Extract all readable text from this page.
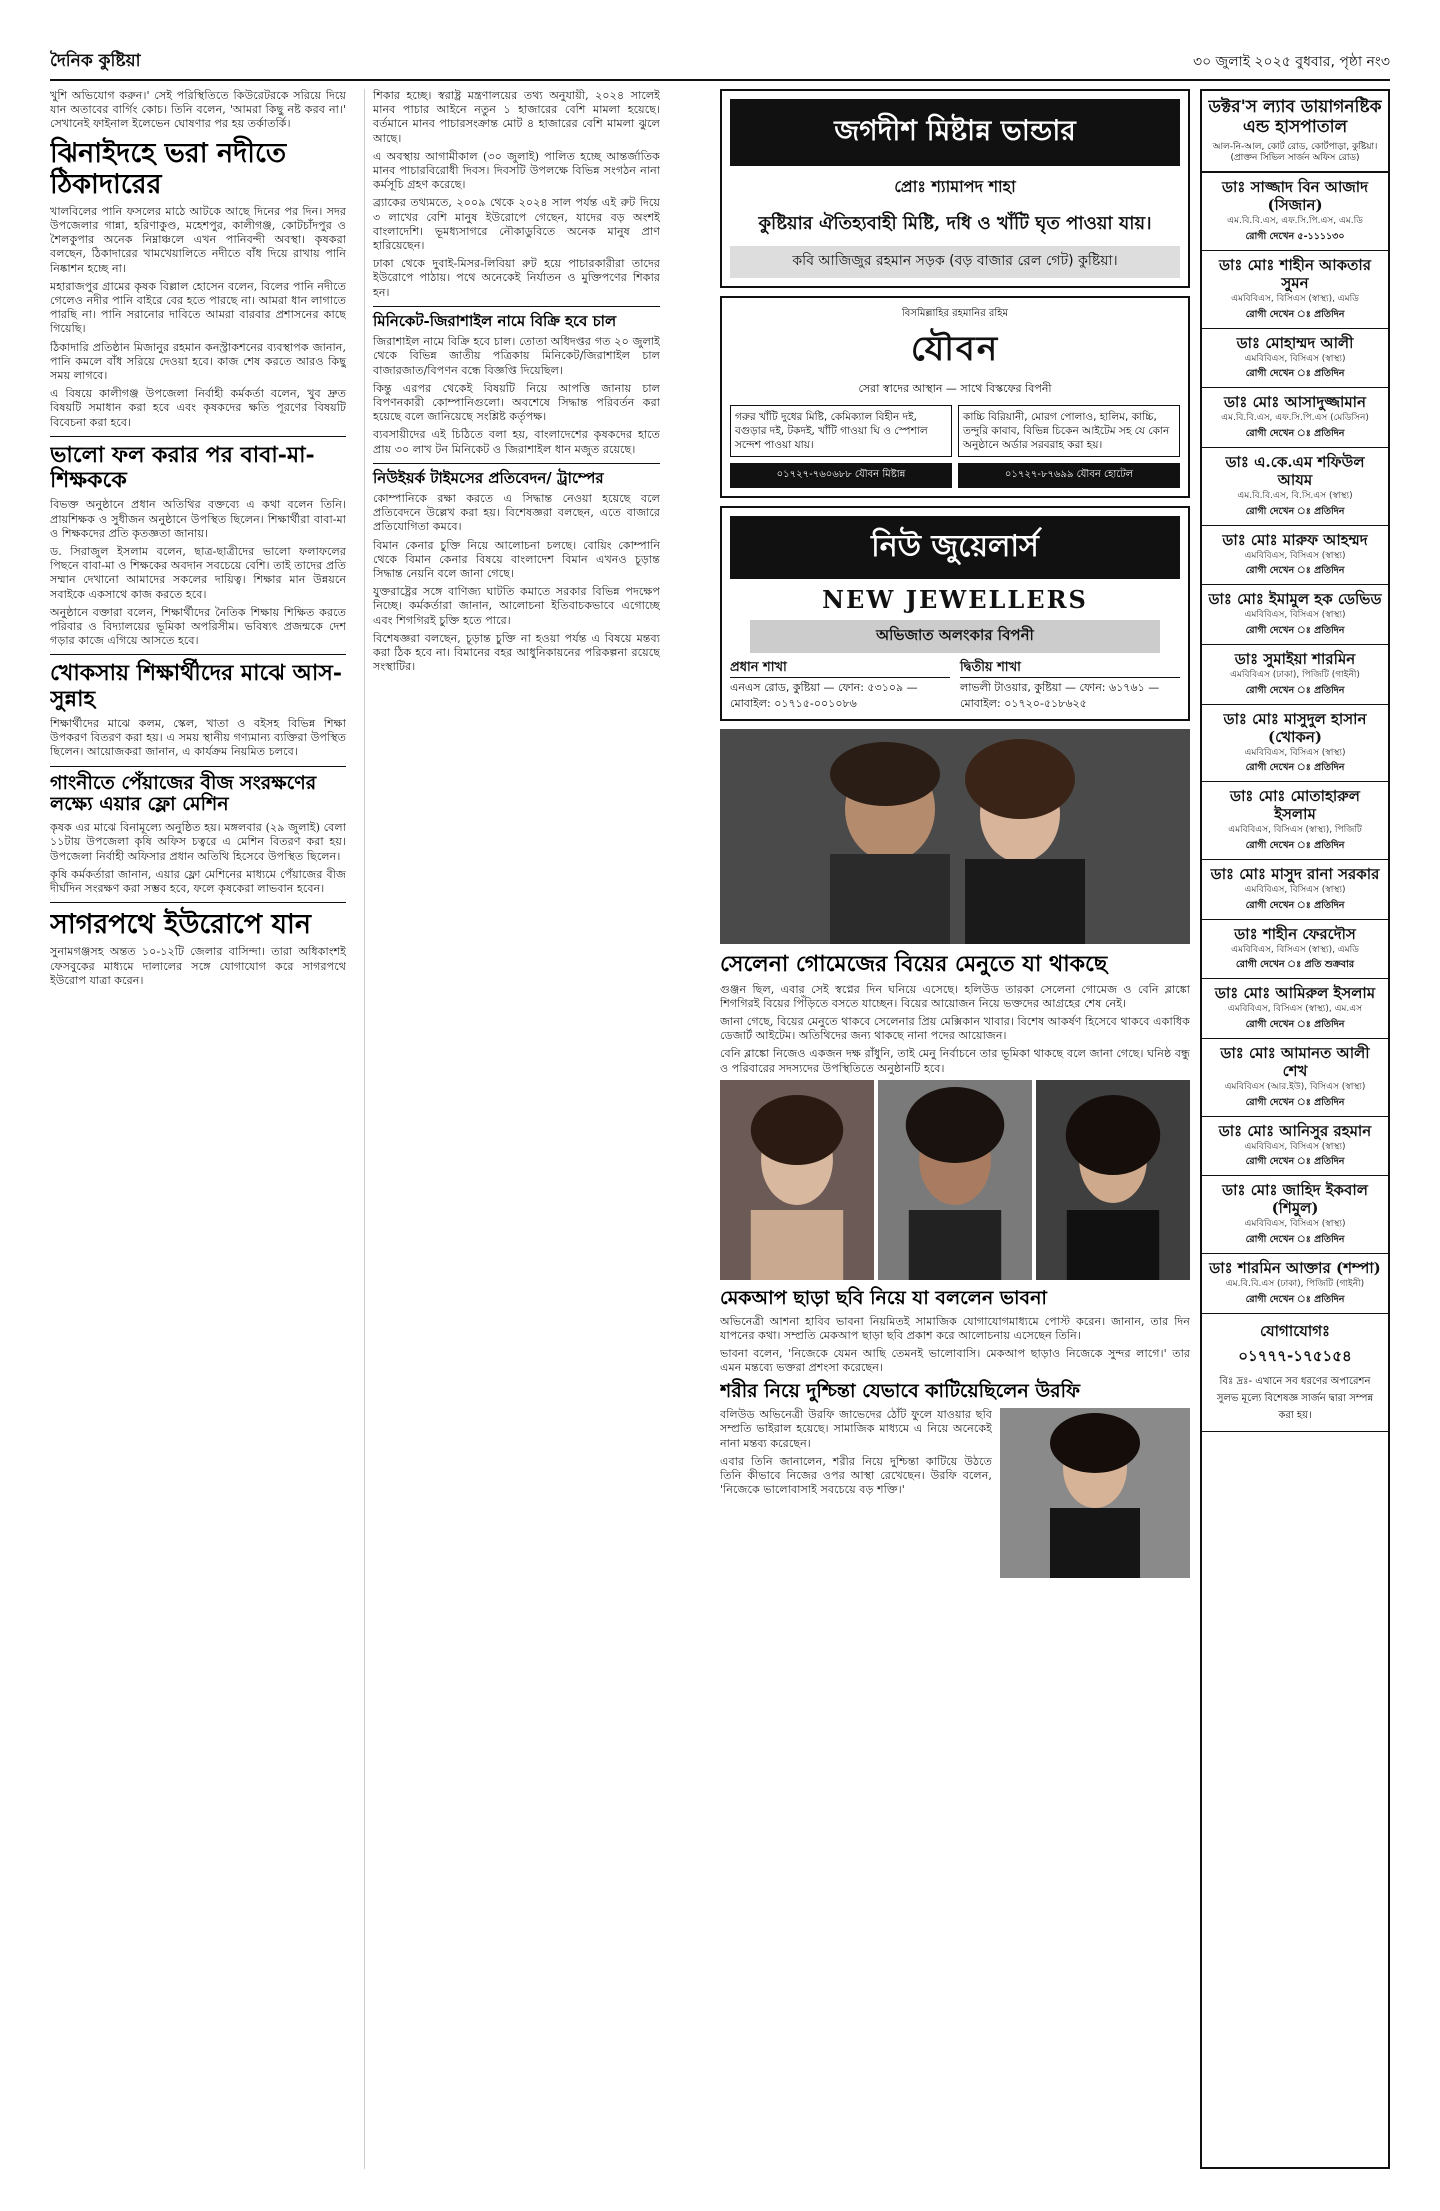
দৈনিক কুষ্টিয়া	৩০ জুলাই ২০২৫ বুধবার, পৃষ্ঠা নং৩

খুশি অভিযোগ করুন।' সেই পরিস্থিতিতে কিউরেটরকে সরিয়ে দিয়ে যান অতাবের বার্গিং কোচ। তিনি বলেন, 'আমরা কিছু নষ্ট করব না।' সেখানেই ফাইনাল ইলেভেন ঘোষণার পর হয় তর্কাতর্কি।

ঝিনাইদহে ভরা নদীতে ঠিকাদারের

খালবিলের পানি ফসলের মাঠে আটকে আছে দিনের পর দিন। সদর উপজেলার গান্না, হরিণাকুণ্ড, মহেশপুর, কালীগঞ্জ, কোটচাঁদপুর ও শৈলকুপার অনেক নিম্নাঞ্চলে এখন পানিবন্দী অবস্থা। কৃষকরা বলছেন, ঠিকাদারের খামখেয়ালিতে নদীতে বাঁধ দিয়ে রাখায় পানি নিষ্কাশন হচ্ছে না।

মহারাজপুর গ্রামের কৃষক বিল্লাল হোসেন বলেন, বিলের পানি নদীতে গেলেও নদীর পানি বাইরে বের হতে পারছে না। আমরা ধান লাগাতে পারছি না। পানি সরানোর দাবিতে আমরা বারবার প্রশাসনের কাছে গিয়েছি।

ঠিকাদারি প্রতিষ্ঠান মিজানুর রহমান কনস্ট্রাকশনের ব্যবস্থাপক জানান, পানি কমলে বাঁধ সরিয়ে দেওয়া হবে। কাজ শেষ করতে আরও কিছু সময় লাগবে।

এ বিষয়ে কালীগঞ্জ উপজেলা নির্বাহী কর্মকর্তা বলেন, খুব দ্রুত বিষয়টি সমাধান করা হবে এবং কৃষকদের ক্ষতি পূরণের বিষয়টি বিবেচনা করা হবে।

ভালো ফল করার পর বাবা-মা-শিক্ষককে

বিভক্ত অনুষ্ঠানে প্রধান অতিথির বক্তব্যে এ কথা বলেন তিনি। প্রায়শিক্ষক ও সুধীজন অনুষ্ঠানে উপস্থিত ছিলেন। শিক্ষার্থীরা বাবা-মা ও শিক্ষকদের প্রতি কৃতজ্ঞতা জানায়।

ড. সিরাজুল ইসলাম বলেন, ছাত্র-ছাত্রীদের ভালো ফলাফলের পিছনে বাবা-মা ও শিক্ষকের অবদান সবচেয়ে বেশি। তাই তাদের প্রতি সম্মান দেখানো আমাদের সকলের দায়িত্ব। শিক্ষার মান উন্নয়নে সবাইকে একসাথে কাজ করতে হবে।

অনুষ্ঠানে বক্তারা বলেন, শিক্ষার্থীদের নৈতিক শিক্ষায় শিক্ষিত করতে পরিবার ও বিদ্যালয়ের ভূমিকা অপরিসীম। ভবিষ্যৎ প্রজন্মকে দেশ গড়ার কাজে এগিয়ে আসতে হবে।

খোকসায় শিক্ষার্থীদের মাঝে আস-সুন্নাহ

শিক্ষার্থীদের মাঝে কলম, স্কেল, খাতা ও বইসহ বিভিন্ন শিক্ষা উপকরণ বিতরণ করা হয়। এ সময় স্থানীয় গণ্যমান্য ব্যক্তিরা উপস্থিত ছিলেন। আয়োজকরা জানান, এ কার্যক্রম নিয়মিত চলবে।

গাংনীতে পেঁয়াজের বীজ সংরক্ষণের লক্ষ্যে এয়ার ফ্লো মেশিন

কৃষক এর মাঝে বিনামূল্যে অনুষ্ঠিত হয়। মঙ্গলবার (২৯ জুলাই) বেলা ১১টায় উপজেলা কৃষি অফিস চত্বরে এ মেশিন বিতরণ করা হয়। উপজেলা নির্বাহী অফিসার প্রধান অতিথি হিসেবে উপস্থিত ছিলেন।

কৃষি কর্মকর্তারা জানান, এয়ার ফ্লো মেশিনের মাধ্যমে পেঁয়াজের বীজ দীর্ঘদিন সংরক্ষণ করা সম্ভব হবে, ফলে কৃষকেরা লাভবান হবেন।

সাগরপথে ইউরোপে যান

সুনামগঞ্জসহ অন্তত ১০-১২টি জেলার বাসিন্দা। তারা অধিকাংশই ফেসবুকের মাধ্যমে দালালের সঙ্গে যোগাযোগ করে সাগরপথে ইউরোপ যাত্রা করেন।

শিকার হচ্ছে। স্বরাষ্ট্র মন্ত্রণালয়ের তথ্য অনুযায়ী, ২০২৪ সালেই মানব পাচার আইনে নতুন ১ হাজারের বেশি মামলা হয়েছে। বর্তমানে মানব পাচারসংক্রান্ত মোট ৪ হাজারের বেশি মামলা ঝুলে আছে।

এ অবস্থায় আগামীকাল (৩০ জুলাই) পালিত হচ্ছে আন্তর্জাতিক মানব পাচারবিরোধী দিবস। দিবসটি উপলক্ষে বিভিন্ন সংগঠন নানা কর্মসূচি গ্রহণ করেছে।

ব্র্যাকের তথ্যমতে, ২০০৯ থেকে ২০২৪ সাল পর্যন্ত এই রুট দিয়ে ৩ লাখের বেশি মানুষ ইউরোপে গেছেন, যাদের বড় অংশই বাংলাদেশি। ভূমধ্যসাগরে নৌকাডুবিতে অনেক মানুষ প্রাণ হারিয়েছেন।

ঢাকা থেকে দুবাই-মিসর-লিবিয়া রুট হয়ে পাচারকারীরা তাদের ইউরোপে পাঠায়। পথে অনেকেই নির্যাতন ও মুক্তিপণের শিকার হন।

মিনিকেট-জিরাশাইল নামে বিক্রি হবে চাল

জিরাশাইল নামে বিক্রি হবে চাল। তোতা অধিদপ্তর গত ২০ জুলাই থেকে বিভিন্ন জাতীয় পত্রিকায় মিনিকেট/জিরাশাইল চাল বাজারজাত/বিপণন বন্ধে বিজ্ঞপ্তি দিয়েছিল।

কিন্তু এরপর থেকেই বিষয়টি নিয়ে আপত্তি জানায় চাল বিপণনকারী কোম্পানিগুলো। অবশেষে সিদ্ধান্ত পরিবর্তন করা হয়েছে বলে জানিয়েছে সংশ্লিষ্ট কর্তৃপক্ষ।

ব্যবসায়ীদের এই চিঠিতে বলা হয়, বাংলাদেশের কৃষকদের হাতে প্রায় ৩০ লাখ টন মিনিকেট ও জিরাশাইল ধান মজুত রয়েছে।

নিউইয়র্ক টাইমসের প্রতিবেদন/ ট্রাম্পের

কোম্পানিকে রক্ষা করতে এ সিদ্ধান্ত নেওয়া হয়েছে বলে প্রতিবেদনে উল্লেখ করা হয়। বিশেষজ্ঞরা বলছেন, এতে বাজারে প্রতিযোগিতা কমবে।

বিমান কেনার চুক্তি নিয়ে আলোচনা চলছে। বোয়িং কোম্পানি থেকে বিমান কেনার বিষয়ে বাংলাদেশ বিমান এখনও চূড়ান্ত সিদ্ধান্ত নেয়নি বলে জানা গেছে।

যুক্তরাষ্ট্রের সঙ্গে বাণিজ্য ঘাটতি কমাতে সরকার বিভিন্ন পদক্ষেপ নিচ্ছে। কর্মকর্তারা জানান, আলোচনা ইতিবাচকভাবে এগোচ্ছে এবং শিগগিরই চুক্তি হতে পারে।

বিশেষজ্ঞরা বলছেন, চূড়ান্ত চুক্তি না হওয়া পর্যন্ত এ বিষয়ে মন্তব্য করা ঠিক হবে না। বিমানের বহর আধুনিকায়নের পরিকল্পনা রয়েছে সংস্থাটির।

জগদীশ মিষ্টান্ন ভান্ডার
প্রোঃ শ্যামাপদ শাহা
কুষ্টিয়ার ঐতিহ্যবাহী মিষ্টি, দধি ও খাঁটি ঘৃত পাওয়া যায়।
কবি আজিজুর রহমান সড়ক (বড় বাজার রেল গেট) কুষ্টিয়া।
বিসমিল্লাহির রহমানির রহিম
যৌবন
সেরা স্বাদের আস্থান — সাথে বিস্কফের বিপনী
গরুর খাঁটি দুধের মিষ্টি, কেমিক্যাল বিহীন দই, বগুড়ার দই, টকদই, খাঁটি গাওয়া ঘি ও স্পেশাল সন্দেশ পাওয়া যায়।
কাচ্চি বিরিয়ানী, মোরগ পোলাও, হালিম, কাচ্চি, তন্দুরি কাবাব, বিভিন্ন চিকেন আইটেম সহ যে কোন অনুষ্ঠানে অর্ডার সরবরাহ করা হয়।
০১৭২৭-৭৬০৬৮৮ যৌবন মিষ্টান্ন	০১৭২৭-৮৭৬৯৯ যৌবন হোটেল
নিউ জুয়েলার্স
NEW JEWELLERS
অভিজাত অলংকার বিপনী
প্রধান শাখা
এনএস রোড, কুষ্টিয়া — ফোন: ৫৩১০৯ — মোবাইল: ০১৭১৫-০০১০৮৬
দ্বিতীয় শাখা
লাভলী টাওয়ার, কুষ্টিয়া — ফোন: ৬১৭৬১ — মোবাইল: ০১৭২০-৫১৮৬২৫
সেলেনা গোমেজের বিয়ের মেনুতে যা থাকছে

গুঞ্জন ছিল, এবার সেই স্বপ্নের দিন ঘনিয়ে এসেছে। হলিউড তারকা সেলেনা গোমেজ ও বেনি ব্লাঙ্কো শিগগিরই বিয়ের পিঁড়িতে বসতে যাচ্ছেন। বিয়ের আয়োজন নিয়ে ভক্তদের আগ্রহের শেষ নেই।

জানা গেছে, বিয়ের মেনুতে থাকবে সেলেনার প্রিয় মেক্সিকান খাবার। বিশেষ আকর্ষণ হিসেবে থাকবে একাধিক ডেজার্ট আইটেম। অতিথিদের জন্য থাকছে নানা পদের আয়োজন।

বেনি ব্লাঙ্কো নিজেও একজন দক্ষ রাঁধুনি, তাই মেনু নির্বাচনে তার ভূমিকা থাকছে বলে জানা গেছে। ঘনিষ্ঠ বন্ধু ও পরিবারের সদস্যদের উপস্থিতিতে অনুষ্ঠানটি হবে।

মেকআপ ছাড়া ছবি নিয়ে যা বললেন ভাবনা

অভিনেত্রী আশনা হাবিব ভাবনা নিয়মিতই সামাজিক যোগাযোগমাধ্যমে পোস্ট করেন। জানান, তার দিন যাপনের কথা। সম্প্রতি মেকআপ ছাড়া ছবি প্রকাশ করে আলোচনায় এসেছেন তিনি।

ভাবনা বলেন, 'নিজেকে যেমন আছি তেমনই ভালোবাসি। মেকআপ ছাড়াও নিজেকে সুন্দর লাগে।' তার এমন মন্তব্যে ভক্তরা প্রশংসা করেছেন।

শরীর নিয়ে দুশ্চিন্তা যেভাবে কাটিয়েছিলেন উরফি

বলিউড অভিনেত্রী উরফি জাভেদের ঠোঁট ফুলে যাওয়ার ছবি সম্প্রতি ভাইরাল হয়েছে। সামাজিক মাধ্যমে এ নিয়ে অনেকেই নানা মন্তব্য করেছেন।

এবার তিনি জানালেন, শরীর নিয়ে দুশ্চিন্তা কাটিয়ে উঠতে তিনি কীভাবে নিজের ওপর আস্থা রেখেছেন। উরফি বলেন, 'নিজেকে ভালোবাসাই সবচেয়ে বড় শক্তি।'

ডক্টর'স ল্যাব ডায়াগনষ্টিক এন্ড হাসপাতাল
আল-নি-আল, কোর্ট রোড, কোর্টপাড়া, কুষ্টিয়া। (প্রাক্তন সিভিল সার্জন অফিস রোড)
ডাঃ সাজ্জাদ বিন আজাদ (সিজান)
এম.বি.বি.এস, এফ.সি.পি.এস, এম.ডি
রোগী দেখেন ৫-১১১১৩০
ডাঃ মোঃ শাহীন আকতার সুমন
এমবিবিএস, বিসিএস (স্বাস্থ্য), এমডি
রোগী দেখেন ঃ প্রতিদিন
ডাঃ মোহাম্মদ আলী
এমবিবিএস, বিসিএস (স্বাস্থ্য)
রোগী দেখেন ঃ প্রতিদিন
ডাঃ মোঃ আসাদুজ্জামান
এম.বি.বি.এস, এফ.সি.পি.এস (মেডিসিন)
রোগী দেখেন ঃ প্রতিদিন
ডাঃ এ.কে.এম শফিউল আযম
এম.বি.বি.এস, বি.সি.এস (স্বাস্থ্য)
রোগী দেখেন ঃ প্রতিদিন
ডাঃ মোঃ মারুফ আহম্মদ
এমবিবিএস, বিসিএস (স্বাস্থ্য)
রোগী দেখেন ঃ প্রতিদিন
ডাঃ মোঃ ইমামুল হক ডেভিড
এমবিবিএস, বিসিএস (স্বাস্থ্য)
রোগী দেখেন ঃ প্রতিদিন
ডাঃ সুমাইয়া শারমিন
এমবিবিএস (ঢাকা), পিজিটি (গাইনী)
রোগী দেখেন ঃ প্রতিদিন
ডাঃ মোঃ মাসুদুল হাসান (খোকন)
এমবিবিএস, বিসিএস (স্বাস্থ্য)
রোগী দেখেন ঃ প্রতিদিন
ডাঃ মোঃ মোতাহারুল ইসলাম
এমবিবিএস, বিসিএস (স্বাস্থ্য), পিজিটি
রোগী দেখেন ঃ প্রতিদিন
ডাঃ মোঃ মাসুদ রানা সরকার
এমবিবিএস, বিসিএস (স্বাস্থ্য)
রোগী দেখেন ঃ প্রতিদিন
ডাঃ শাহীন ফেরদৌস
এমবিবিএস, বিসিএস (স্বাস্থ্য), এমডি
রোগী দেখেন ঃ প্রতি শুক্রবার
ডাঃ মোঃ আমিরুল ইসলাম
এমবিবিএস, বিসিএস (স্বাস্থ্য), এম.এস
রোগী দেখেন ঃ প্রতিদিন
ডাঃ মোঃ আমানত আলী শেখ
এমবিবিএস (আর.ইউ), বিসিএস (স্বাস্থ্য)
রোগী দেখেন ঃ প্রতিদিন
ডাঃ মোঃ আনিসুর রহমান
এমবিবিএস, বিসিএস (স্বাস্থ্য)
রোগী দেখেন ঃ প্রতিদিন
ডাঃ মোঃ জাহিদ ইকবাল (শিমুল)
এমবিবিএস, বিসিএস (স্বাস্থ্য)
রোগী দেখেন ঃ প্রতিদিন
ডাঃ শারমিন আক্তার (শম্পা)
এম.বি.বি.এস (ঢাকা), পিজিটি (গাইনী)
রোগী দেখেন ঃ প্রতিদিন
যোগাযোগঃ ০১৭৭৭-১৭৫১৫৪
বিঃ দ্রঃ- এখানে সব ধরণের অপারেশন সুলভ মূল্যে বিশেষজ্ঞ সার্জন দ্বারা সম্পন্ন করা হয়।
